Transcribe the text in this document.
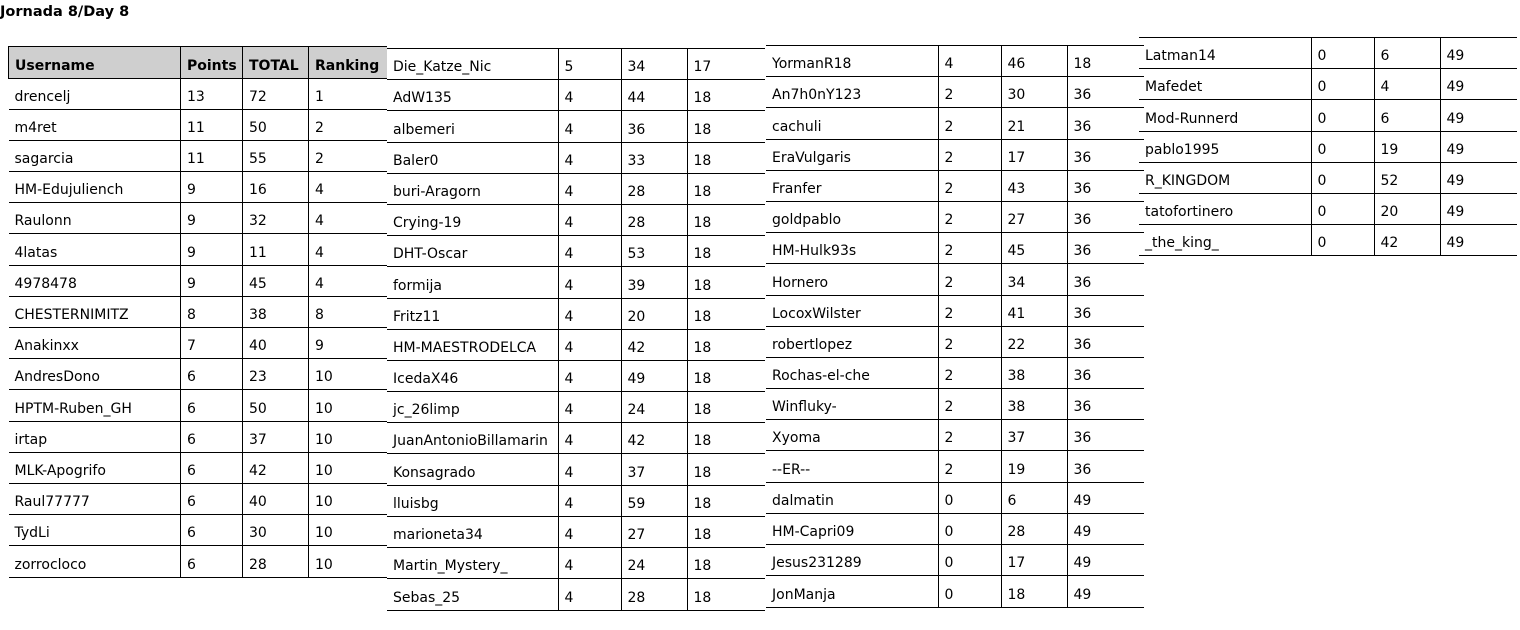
Jornada 8/Day 8
Username	Points	TOTAL	Ranking
drencelj	13	72	1
m4ret	11	50	2
sagarcia	11	55	2
HM-Edujuliench	9	16	4
Raulonn	9	32	4
4latas	9	11	4
4978478	9	45	4
CHESTERNIMITZ	8	38	8
Anakinxx	7	40	9
AndresDono	6	23	10
HPTM-Ruben_GH	6	50	10
irtap	6	37	10
MLK-Apogrifo	6	42	10
Raul77777	6	40	10
TydLi	6	30	10
zorrocloco	6	28	10
Die_Katze_Nic	5	34	17
AdW135	4	44	18
albemeri	4	36	18
Baler0	4	33	18
buri-Aragorn	4	28	18
Crying-19	4	28	18
DHT-Oscar	4	53	18
formija	4	39	18
Fritz11	4	20	18
HM-MAESTRODELCA	4	42	18
IcedaX46	4	49	18
jc_26limp	4	24	18
JuanAntonioBillamarin	4	42	18
Konsagrado	4	37	18
lluisbg	4	59	18
marioneta34	4	27	18
Martin_Mystery_	4	24	18
Sebas_25	4	28	18
YormanR18	4	46	18
An7h0nY123	2	30	36
cachuli	2	21	36
EraVulgaris	2	17	36
Franfer	2	43	36
goldpablo	2	27	36
HM-Hulk93s	2	45	36
Hornero	2	34	36
LocoxWilster	2	41	36
robertlopez	2	22	36
Rochas-el-che	2	38	36
Winfluky-	2	38	36
Xyoma	2	37	36
--ER--	2	19	36
dalmatin	0	6	49
HM-Capri09	0	28	49
Jesus231289	0	17	49
JonManja	0	18	49
Latman14	0	6	49
Mafedet	0	4	49
Mod-Runnerd	0	6	49
pablo1995	0	19	49
R_KINGDOM	0	52	49
tatofortinero	0	20	49
_the_king_	0	42	49
